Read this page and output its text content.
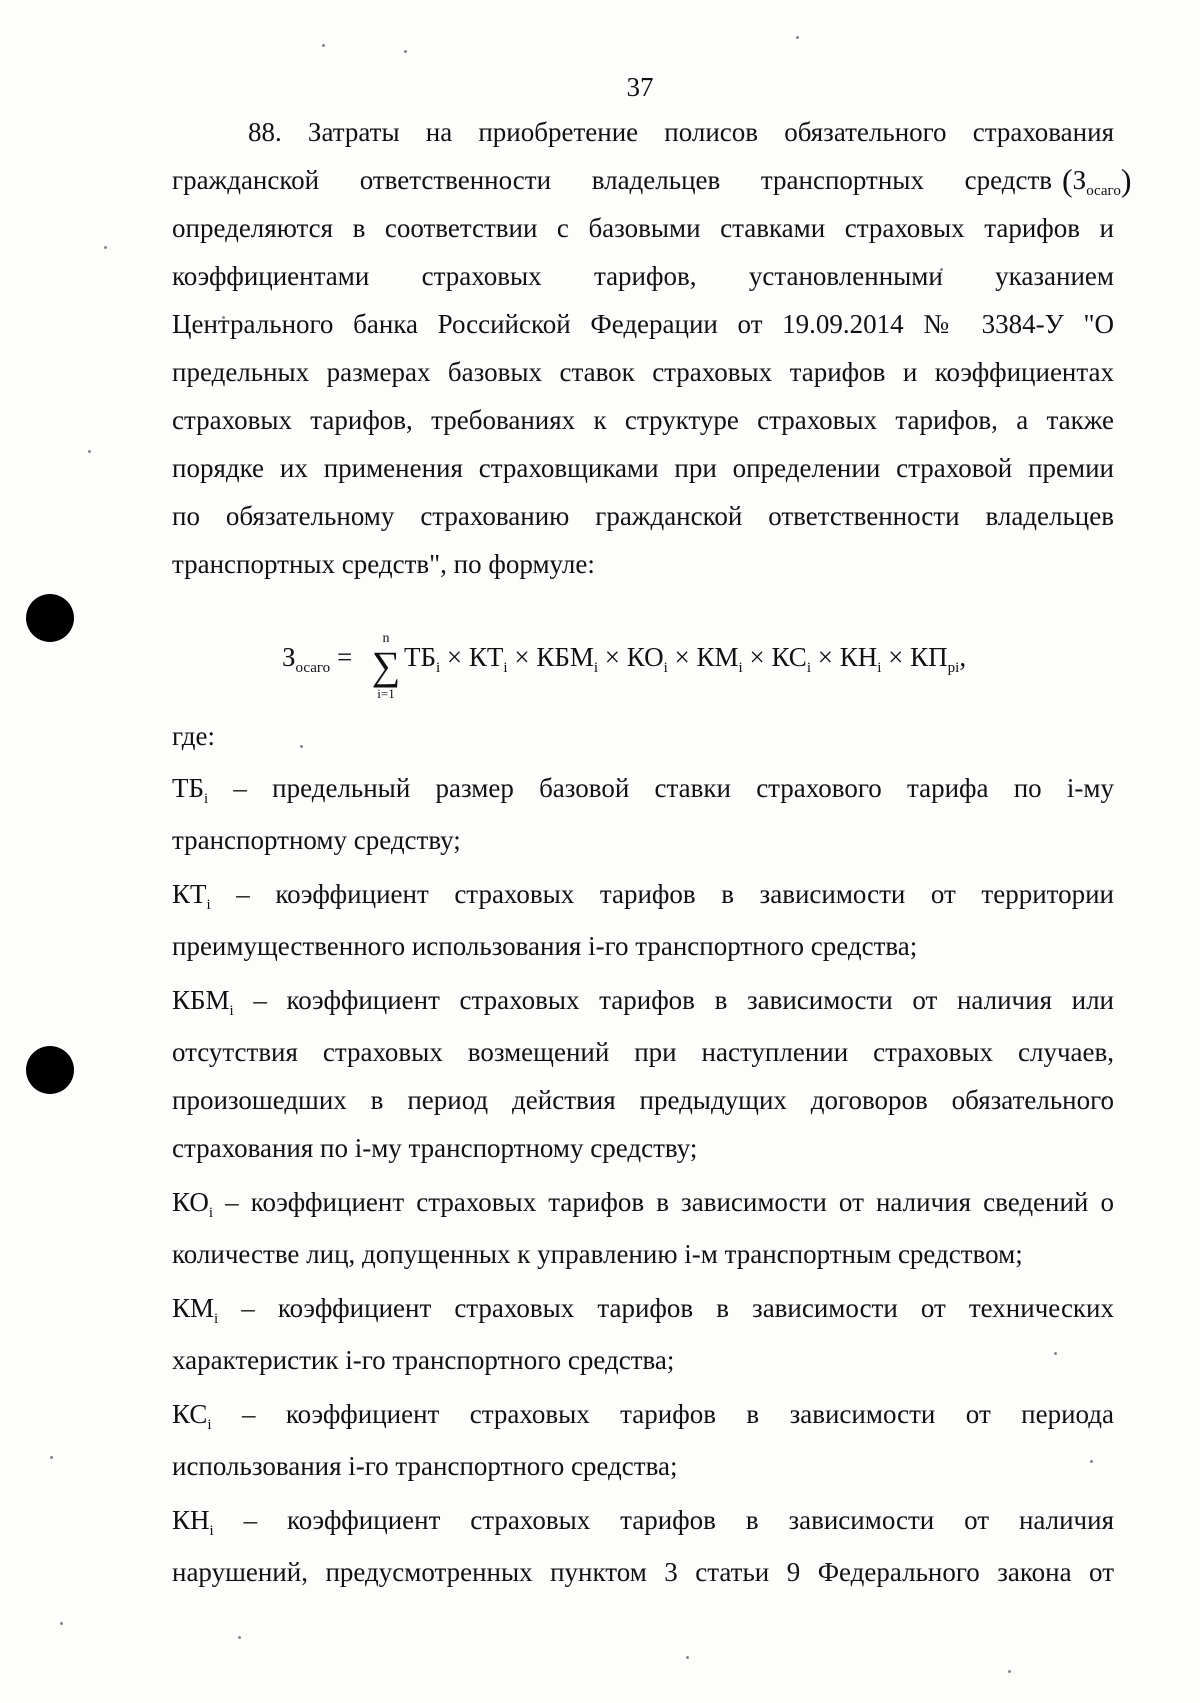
37
88. Затраты на приобретение полисов обязательного страхования
гражданской ответственности владельцев транспортных средств $(З_{осаго})$
определяются в соответствии с базовыми ставками страховых тарифов и
коэффициентами страховых тарифов, установленными указанием
Центрального банка Российской Федерации от 19.09.2014 № 3384-У "О
предельных размерах базовых ставок страховых тарифов и коэффициентах
страховых тарифов, требованиях к структуре страховых тарифов, а также
порядке их применения страховщиками при определении страховой премии
по обязательному страхованию гражданской ответственности владельцев
транспортных средств", по формуле:
$З_{осаго}$ =
n
∑
i=1
$ТБ_i \times КТ_i \times КБМ_i \times КО_i \times КМ_i \times КС_i \times КН_i \times КП_{pi}$,
где:
$ТБ_i$ – предельный размер базовой ставки страхового тарифа по i-му
транспортному средству;
$КТ_i$ – коэффициент страховых тарифов в зависимости от территории
преимущественного использования i-го транспортного средства;
$КБМ_i$ – коэффициент страховых тарифов в зависимости от наличия или
отсутствия страховых возмещений при наступлении страховых случаев,
произошедших в период действия предыдущих договоров обязательного
страхования по i-му транспортному средству;
$КО_i$ – коэффициент страховых тарифов в зависимости от наличия сведений о
количестве лиц, допущенных к управлению i-м транспортным средством;
$КМ_i$ – коэффициент страховых тарифов в зависимости от технических
характеристик i-го транспортного средства;
$КС_i$ – коэффициент страховых тарифов в зависимости от периода
использования i-го транспортного средства;
$КН_i$ – коэффициент страховых тарифов в зависимости от наличия
нарушений, предусмотренных пунктом 3 статьи 9 Федерального закона от
